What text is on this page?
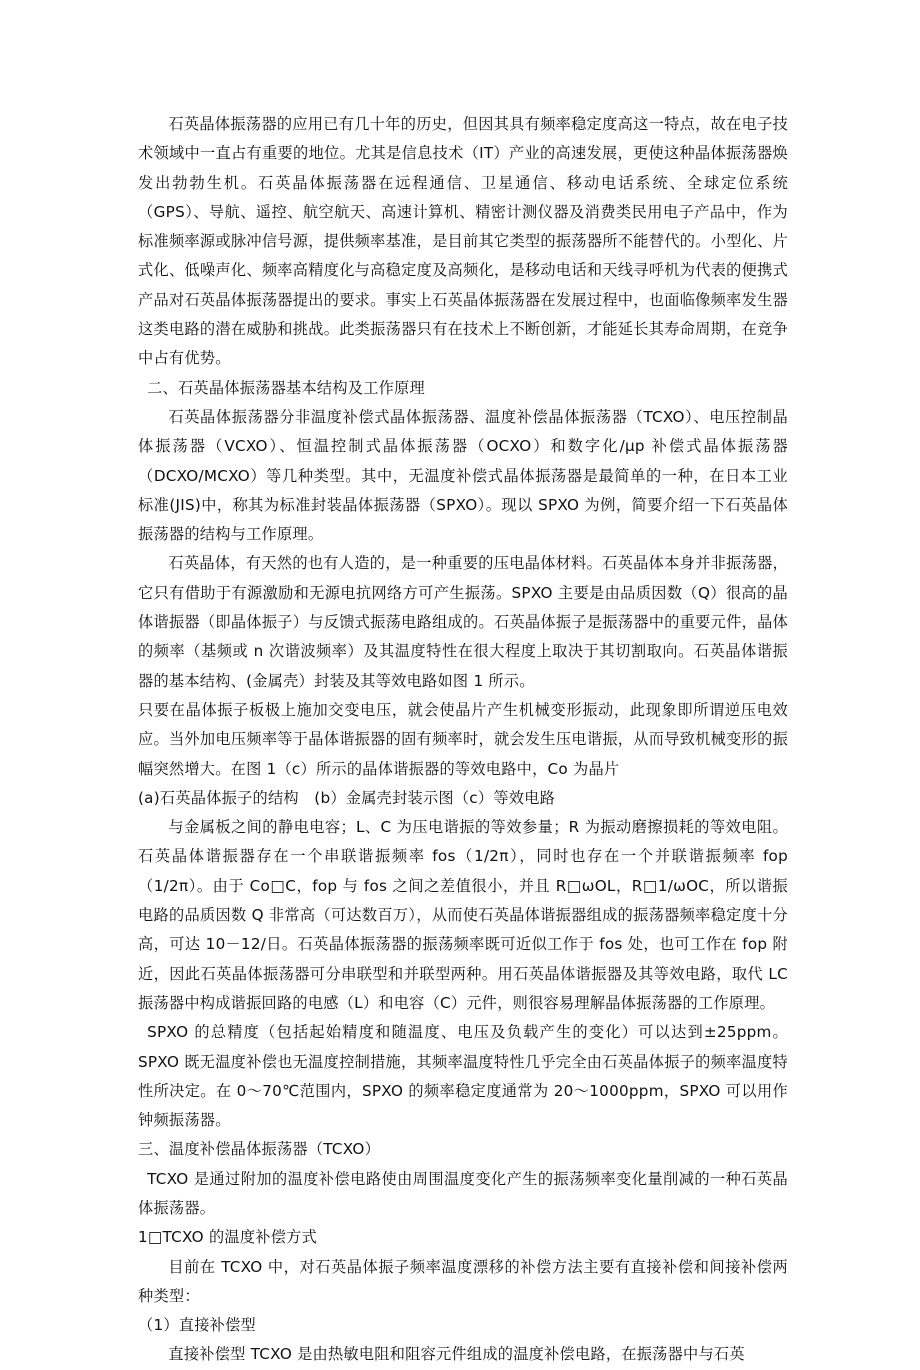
石英晶体振荡器的应用已有几十年的历史，但因其具有频率稳定度高这一特点，故在电子技术领域中一直占有重要的地位。尤其是信息技术（IT）产业的高速发展，更使这种晶体振荡器焕发出勃勃生机。石英晶体振荡器在远程通信、卫星通信、移动电话系统、全球定位系统（GPS）、导航、遥控、航空航天、高速计算机、精密计测仪器及消费类民用电子产品中，作为标准频率源或脉冲信号源，提供频率基准，是目前其它类型的振荡器所不能替代的。小型化、片式化、低噪声化、频率高精度化与高稳定度及高频化，是移动电话和天线寻呼机为代表的便携式产品对石英晶体振荡器提出的要求。事实上石英晶体振荡器在发展过程中，也面临像频率发生器这类电路的潜在威胁和挑战。此类振荡器只有在技术上不断创新，才能延长其寿命周期，在竞争中占有优势。

二、石英晶体振荡器基本结构及工作原理

石英晶体振荡器分非温度补偿式晶体振荡器、温度补偿晶体振荡器（TCXO）、电压控制晶体振荡器（VCXO）、恒温控制式晶体振荡器（OCXO）和数字化/μp 补偿式晶体振荡器（DCXO/MCXO）等几种类型。其中，无温度补偿式晶体振荡器是最简单的一种，在日本工业标准(JIS)中，称其为标准封装晶体振荡器（SPXO）。现以 SPXO 为例，简要介绍一下石英晶体振荡器的结构与工作原理。

石英晶体，有天然的也有人造的，是一种重要的压电晶体材料。石英晶体本身并非振荡器，它只有借助于有源激励和无源电抗网络方可产生振荡。SPXO 主要是由品质因数（Q）很高的晶体谐振器（即晶体振子）与反馈式振荡电路组成的。石英晶体振子是振荡器中的重要元件，晶体的频率（基频或 n 次谐波频率）及其温度特性在很大程度上取决于其切割取向。石英晶体谐振器的基本结构、(金属壳）封装及其等效电路如图 1 所示。

只要在晶体振子板极上施加交变电压，就会使晶片产生机械变形振动，此现象即所谓逆压电效应。当外加电压频率等于晶体谐振器的固有频率时，就会发生压电谐振，从而导致机械变形的振幅突然增大。在图 1（c）所示的晶体谐振器的等效电路中，Co 为晶片

(a)石英晶体振子的结构　(b）金属壳封装示图（c）等效电路

与金属板之间的静电电容；L、C 为压电谐振的等效参量；R 为振动磨擦损耗的等效电阻。石英晶体谐振器存在一个串联谐振频率 fos（1/2π），同时也存在一个并联谐振频率 fop（1/2π）。由于 Co□C，fop 与 fos 之间之差值很小，并且 R□ωOL，R□1/ωOC，所以谐振电路的品质因数 Q 非常高（可达数百万），从而使石英晶体谐振器组成的振荡器频率稳定度十分高，可达 10－12/日。石英晶体振荡器的振荡频率既可近似工作于 fos 处，也可工作在 fop 附近，因此石英晶体振荡器可分串联型和并联型两种。用石英晶体谐振器及其等效电路，取代 LC 振荡器中构成谐振回路的电感（L）和电容（C）元件，则很容易理解晶体振荡器的工作原理。

SPXO 的总精度（包括起始精度和随温度、电压及负载产生的变化）可以达到±25ppm。SPXO 既无温度补偿也无温度控制措施，其频率温度特性几乎完全由石英晶体振子的频率温度特性所决定。在 0～70℃范围内，SPXO 的频率稳定度通常为 20～1000ppm，SPXO 可以用作钟频振荡器。

三、温度补偿晶体振荡器（TCXO）

TCXO 是通过附加的温度补偿电路使由周围温度变化产生的振荡频率变化量削减的一种石英晶体振荡器。

1□TCXO 的温度补偿方式

目前在 TCXO 中，对石英晶体振子频率温度漂移的补偿方法主要有直接补偿和间接补偿两种类型：

（1）直接补偿型

直接补偿型 TCXO 是由热敏电阻和阻容元件组成的温度补偿电路，在振荡器中与石英
